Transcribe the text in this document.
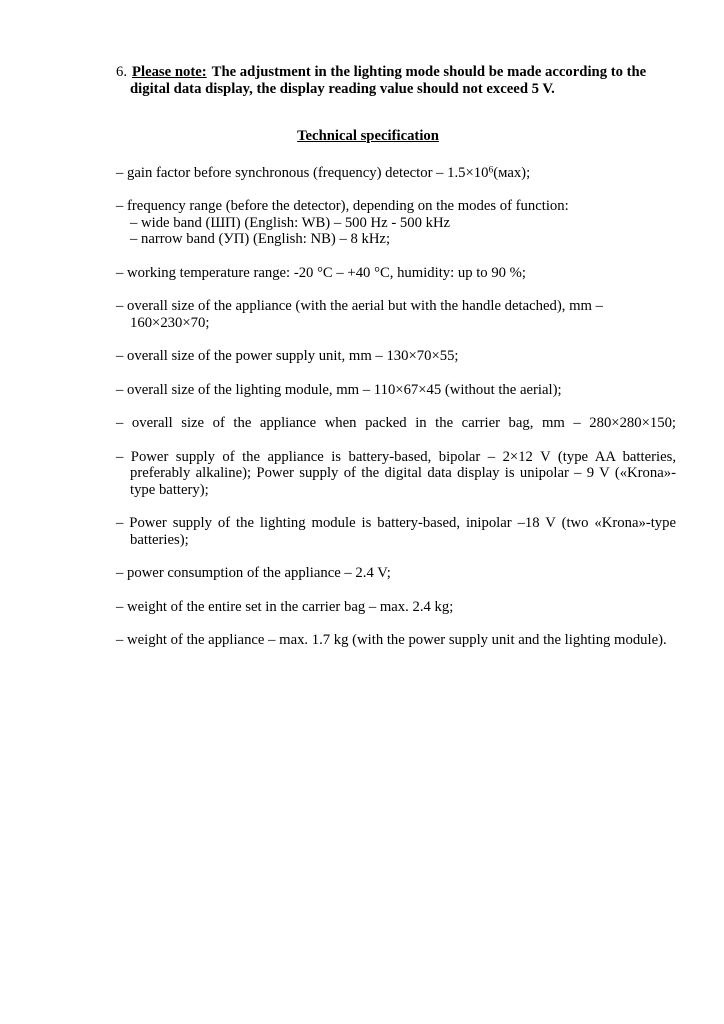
6. Please note: The adjustment in the lighting mode should be made according to the digital data display, the display reading value should not exceed 5 V.

Technical specification

– gain factor before synchronous (frequency) detector – $1.5\times 10^6(мах)$;

– frequency range (before the detector), depending on the modes of function:

– wide band (ШП) (English: WB) – 500 Hz - 500 kHz

– narrow band (УП) (English: NB) – 8 kHz;

– working temperature range: -20 °C – +40 °C, humidity: up to 90 %;

– overall size of the appliance (with the aerial but with the handle detached), mm – 160×230×70;

– overall size of the power supply unit, mm – 130×70×55;

– overall size of the lighting module, mm – 110×67×45 (without the aerial);

– overall size of the appliance when packed in the carrier bag, mm – 280×280×150;

– Power supply of the appliance is battery-based, bipolar – 2×12 V (type AA batteries, preferably alkaline); Power supply of the digital data display is unipolar – 9 V («Krona»-type battery);

– Power supply of the lighting module is battery-based, inipolar –18 V (two «Krona»-type batteries);

– power consumption of the appliance – 2.4 V;

– weight of the entire set in the carrier bag – max. 2.4 kg;

– weight of the appliance – max. 1.7 kg (with the power supply unit and the lighting module).
